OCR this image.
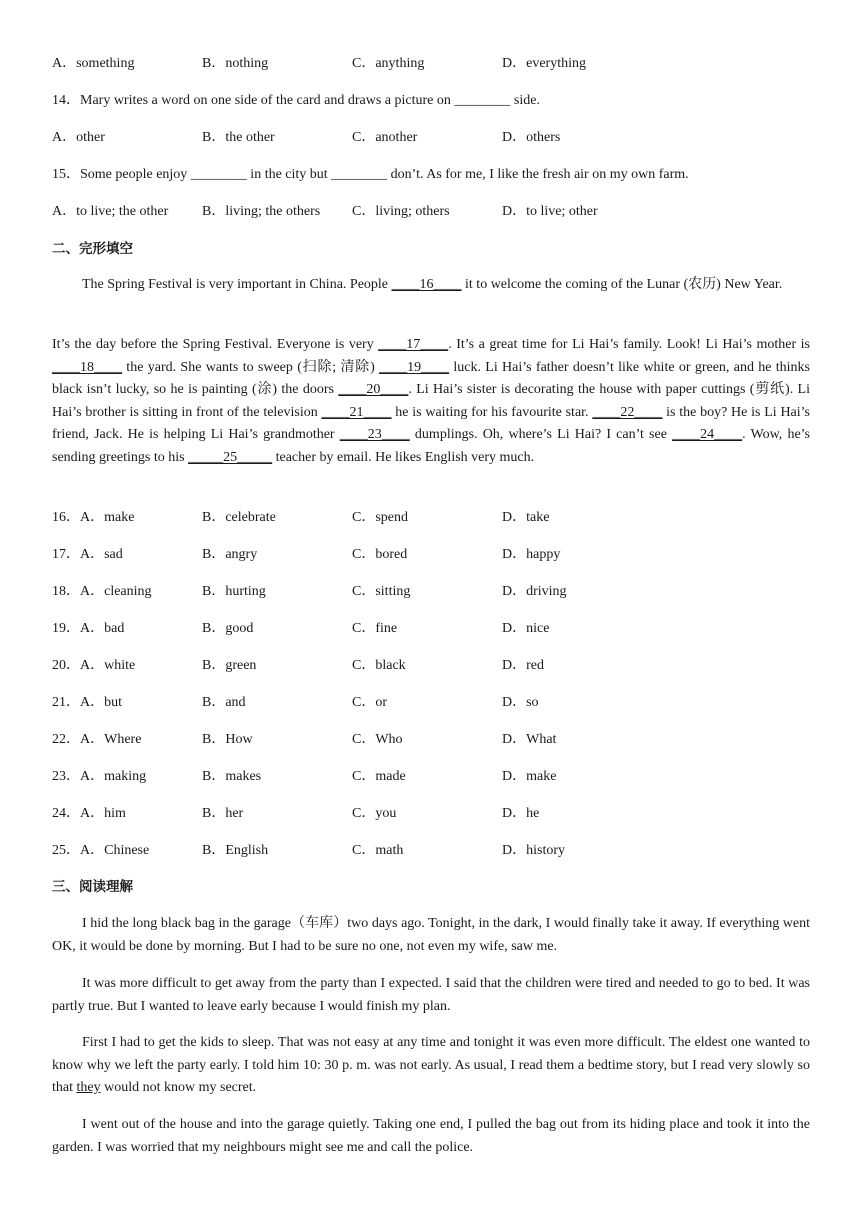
A．something	B．nothing	C．anything	D．everything
14．Mary writes a word on one side of the card and draws a picture on ________ side.
A．other	B．the other	C．another	D．others
15．Some people enjoy ________ in the city but ________ don’t. As for me, I like the fresh air on my own farm.
A．to live; the other B．living; the others C．living; others	D．to live; other
二、完形填空
The Spring Festival is very important in China. People ____16____ it to welcome the coming of the Lunar (农历) New Year.
It’s the day before the Spring Festival. Everyone is very ____17____. It’s a great time for Li Hai’s family. Look! Li Hai’s mother is ____18____ the yard. She wants to sweep (扫除; 清除) ____19____ luck. Li Hai’s father doesn’t like white or green, and he thinks black isn’t lucky, so he is painting (涂) the doors ____20____. Li Hai’s sister is decorating the house with paper cuttings (剪纸). Li Hai’s brother is sitting in front of the television ____21____ he is waiting for his favourite star. ____22____ is the boy? He is Li Hai’s friend, Jack. He is helping Li Hai’s grandmother ____23____ dumplings. Oh, where’s Li Hai? I can’t see ____24____. Wow, he’s sending greetings to his _____25_____ teacher by email. He likes English very much.
16．A．make	B．celebrate	C．spend	D．take
17．A．sad	B．angry	C．bored	D．happy
18．A．cleaning	B．hurting	C．sitting	D．driving
19．A．bad	B．good	C．fine	D．nice
20．A．white	B．green	C．black	D．red
21．A．but	B．and	C．or	D．so
22．A．Where	B．How	C．Who	D．What
23．A．making	B．makes	C．made	D．make
24．A．him	B．her	C．you	D．he
25．A．Chinese	B．English	C．math	D．history
三、阅读理解
I hid the long black bag in the garage（车库）two days ago. Tonight, in the dark, I would finally take it away. If everything went OK, it would be done by morning. But I had to be sure no one, not even my wife, saw me.
It was more difficult to get away from the party than I expected. I said that the children were tired and needed to go to bed. It was partly true. But I wanted to leave early because I would finish my plan.
First I had to get the kids to sleep. That was not easy at any time and tonight it was even more difficult. The eldest one wanted to know why we left the party early. I told him 10: 30 p. m. was not early. As usual, I read them a bedtime story, but I read very slowly so that they would not know my secret.
I went out of the house and into the garage quietly. Taking one end, I pulled the bag out from its hiding place and took it into the garden. I was worried that my neighbours might see me and call the police.
